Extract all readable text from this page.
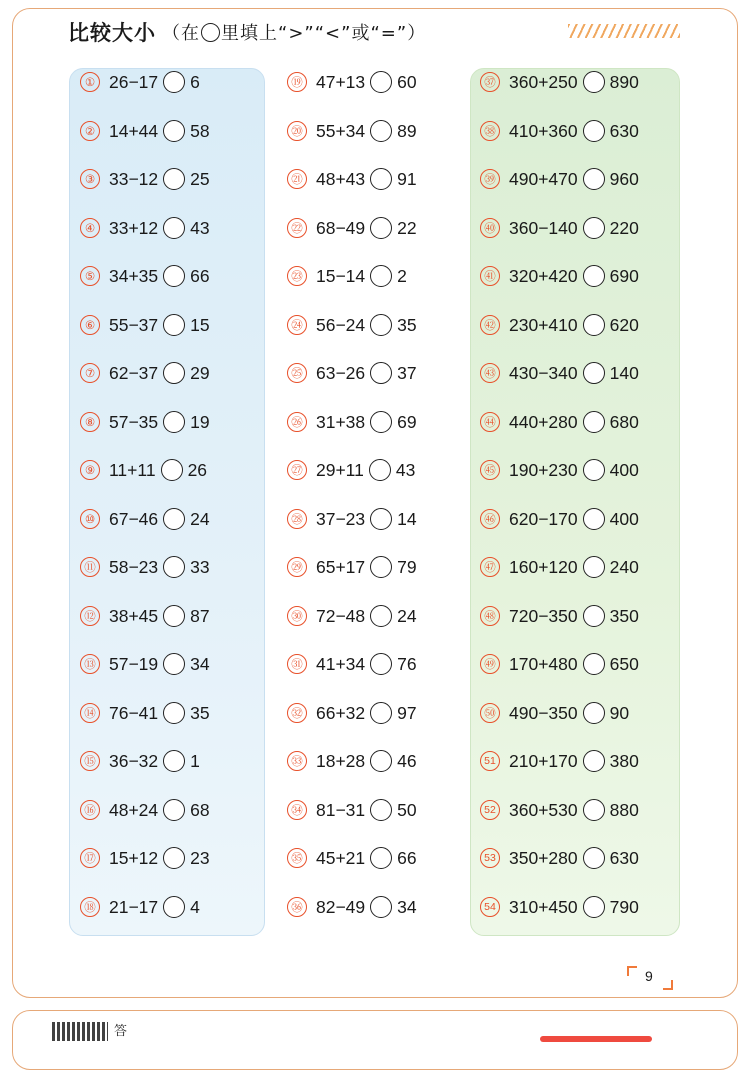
比较大小 （在 里填上“>”“<”或“=”）
① 26−17 6
② 14+44 58
③ 33−12 25
④ 33+12 43
⑤ 34+35 66
⑥ 55−37 15
⑦ 62−37 29
⑧ 57−35 19
⑨ 11+11 26
⑩ 67−46 24
⑪ 58−23 33
⑫ 38+45 87
⑬ 57−19 34
⑭ 76−41 35
⑮ 36−32 1
⑯ 48+24 68
⑰ 15+12 23
⑱ 21−17 4
⑲ 47+13 60
⑳ 55+34 89
㉑ 48+43 91
㉒ 68−49 22
㉓ 15−14 2
㉔ 56−24 35
㉕ 63−26 37
㉖ 31+38 69
㉗ 29+11 43
㉘ 37−23 14
㉙ 65+17 79
㉚ 72−48 24
㉛ 41+34 76
㉜ 66+32 97
㉝ 18+28 46
㉞ 81−31 50
㉟ 45+21 66
㊱ 82−49 34
㊲ 360+250 890
㊳ 410+360 630
㊴ 490+470 960
㊵ 360−140 220
㊶ 320+420 690
㊷ 230+410 620
㊸ 430−340 140
㊹ 440+280 680
㊺ 190+230 400
㊻ 620−170 400
㊼ 160+120 240
㊽ 720−350 350
㊾ 170+480 650
㊿ 490−350 90
51 210+170 380
52 360+530 880
53 350+280 630
54 310+450 790
9
答
